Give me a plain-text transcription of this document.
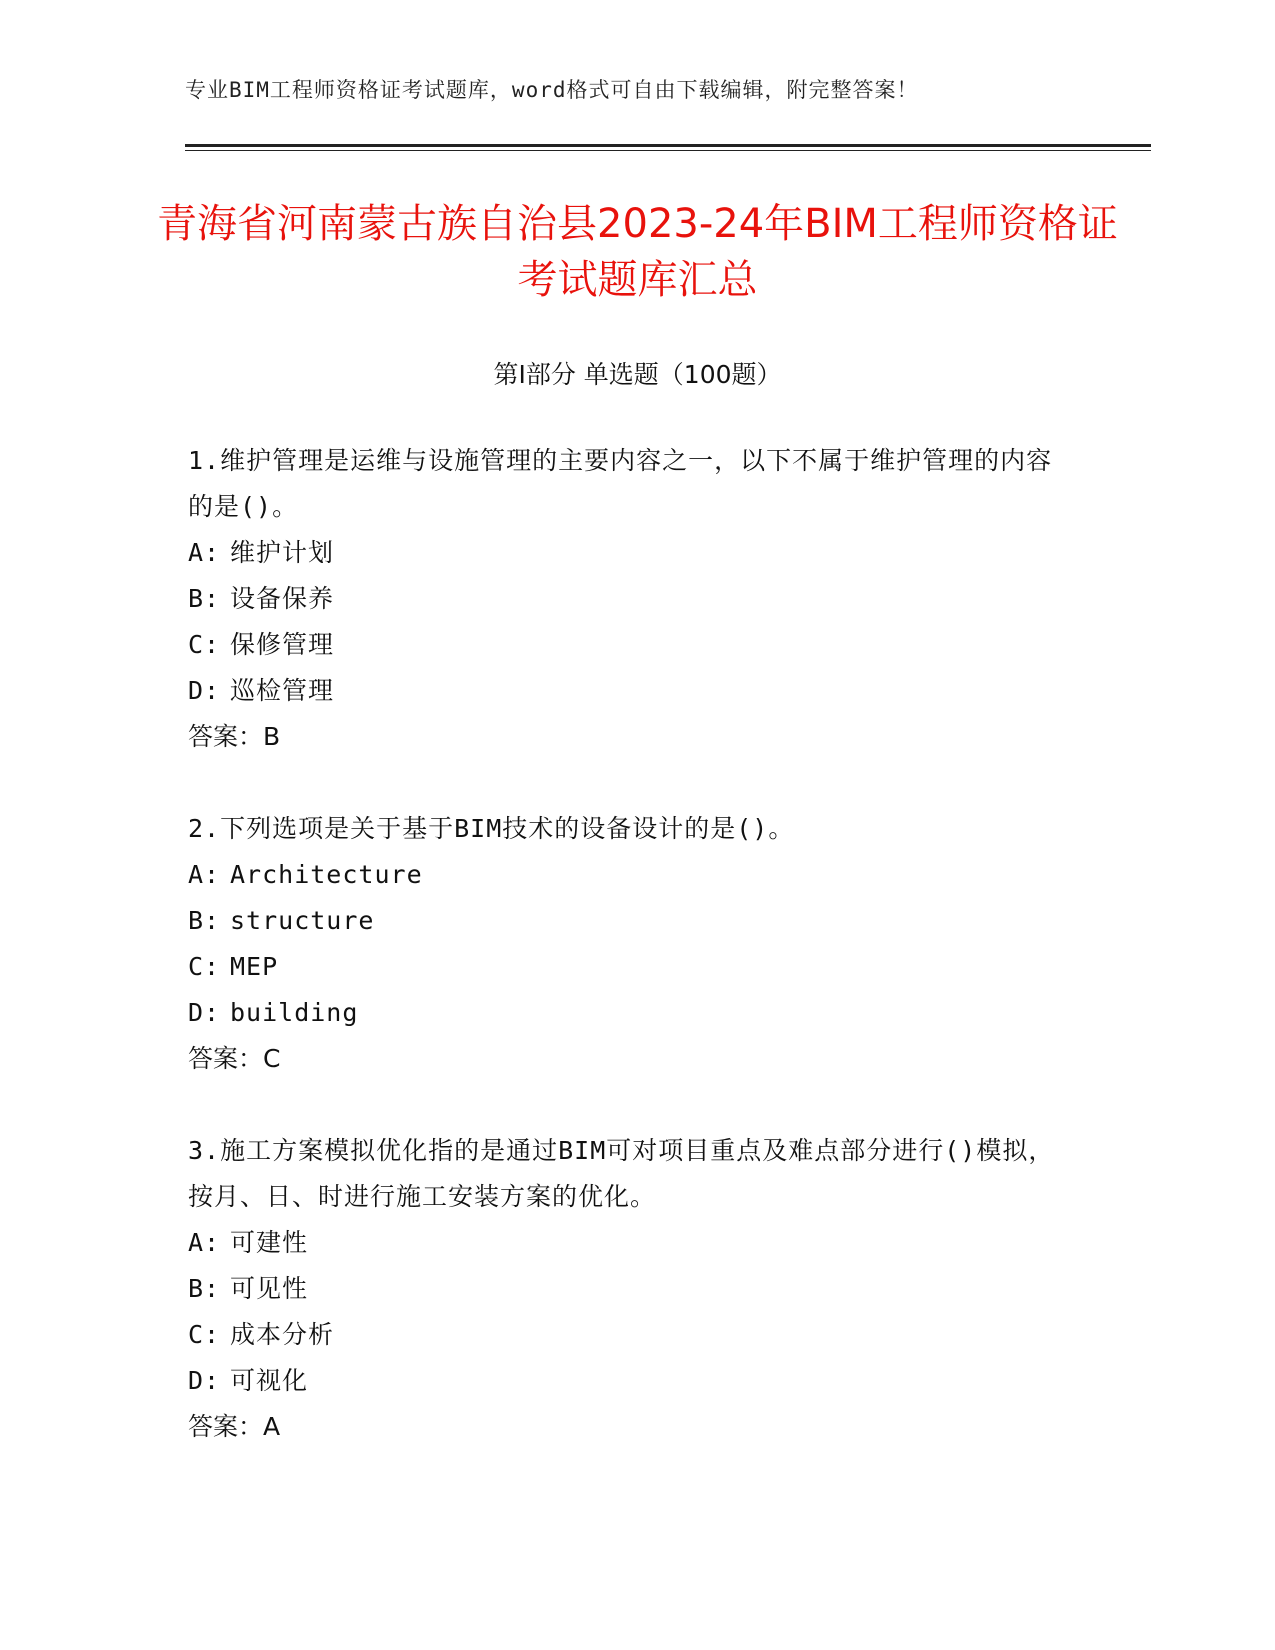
专业BIM工程师资格证考试题库，word格式可自由下载编辑，附完整答案！
青海省河南蒙古族自治县2023-24年BIM工程师资格证考试题库汇总
第Ⅰ部分 单选题（100题）
1.维护管理是运维与设施管理的主要内容之一，以下不属于维护管理的内容的是()。
A: 维护计划
B: 设备保养
C: 保修管理
D: 巡检管理
答案：B
2.下列选项是关于基于BIM技术的设备设计的是()。
A: Architecture
B: structure
C: MEP
D: building
答案：C
3.施工方案模拟优化指的是通过BIM可对项目重点及难点部分进行()模拟，按月、日、时进行施工安装方案的优化。
A: 可建性
B: 可见性
C: 成本分析
D: 可视化
答案：A
